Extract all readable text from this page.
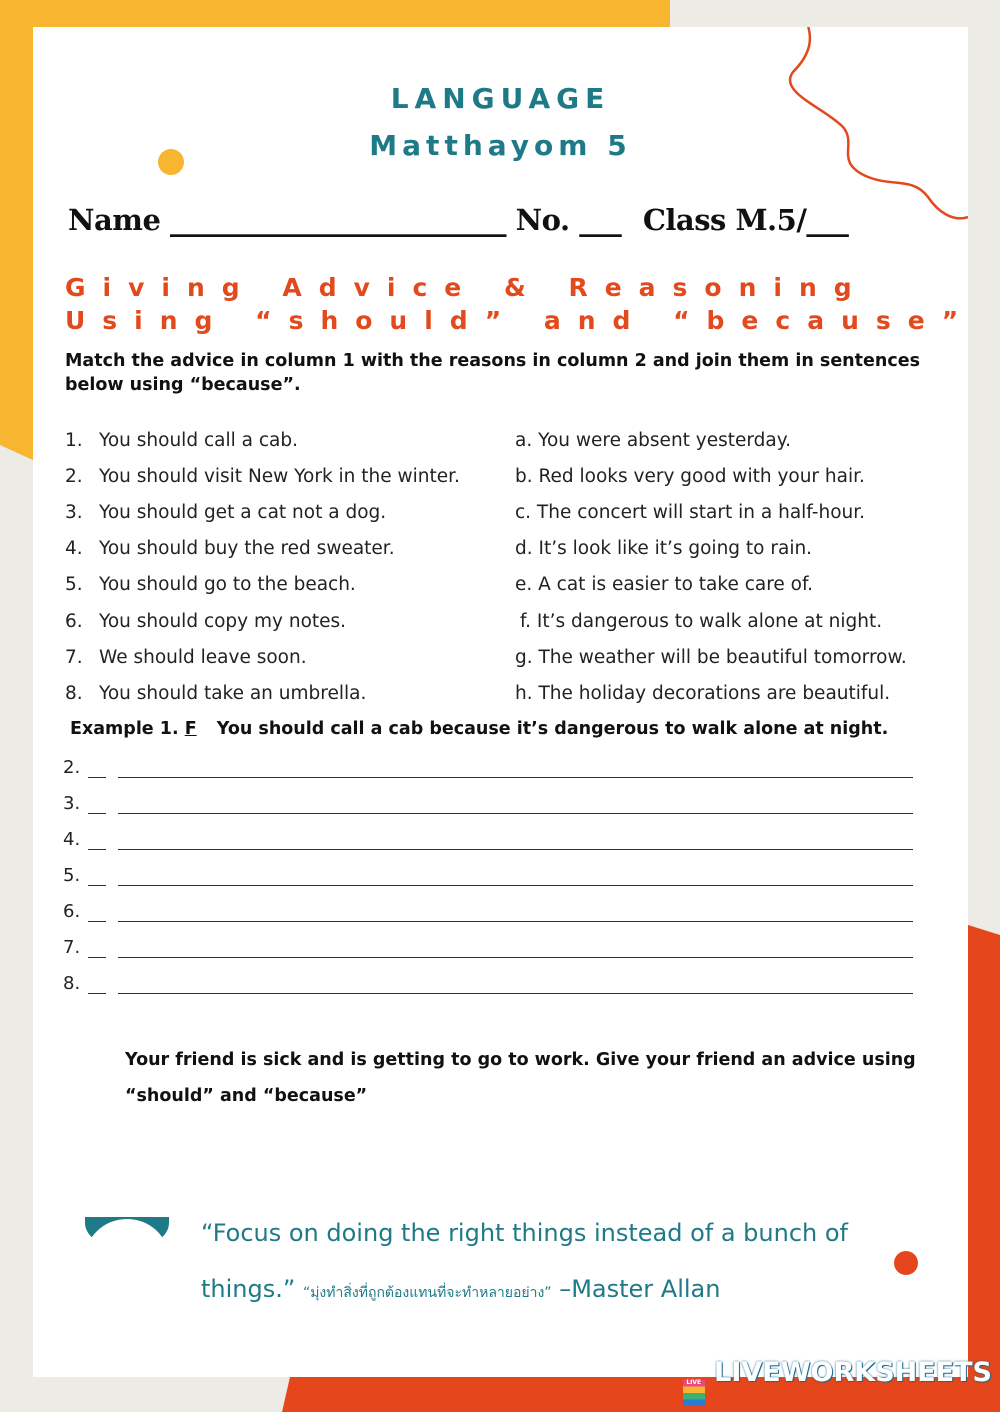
LANGUAGE
Matthayom 5
Name ________________________ No. ___ Class M.5/___
Giving Advice & Reasoning
Using “should” and “because”
Match the advice in column 1 with the reasons in column 2 and join them in sentences below using “because”.
1. You should call a cab.
2. You should visit New York in the winter.
3. You should get a cat not a dog.
4. You should buy the red sweater.
5. You should go to the beach.
6. You should copy my notes.
7. We should leave soon.
8. You should take an umbrella.
a. You were absent yesterday.
b. Red looks very good with your hair.
c. The concert will start in a half-hour.
d. It’s look like it’s going to rain.
e. A cat is easier to take care of.
f. It’s dangerous to walk alone at night.
g. The weather will be beautiful tomorrow.
h. The holiday decorations are beautiful.
Example 1. F You should call a cab because it’s dangerous to walk alone at night.
2.
3.
4.
5.
6.
7.
8.
Your friend is sick and is getting to go to work. Give your friend an advice using
“should” and “because”
“Focus on doing the right things instead of a bunch of
things.” “มุ่งทำสิ่งที่ถูกต้องแทนที่จะทำหลายอย่าง” –Master Allan
LIVE LIVEWORKSHEETS
